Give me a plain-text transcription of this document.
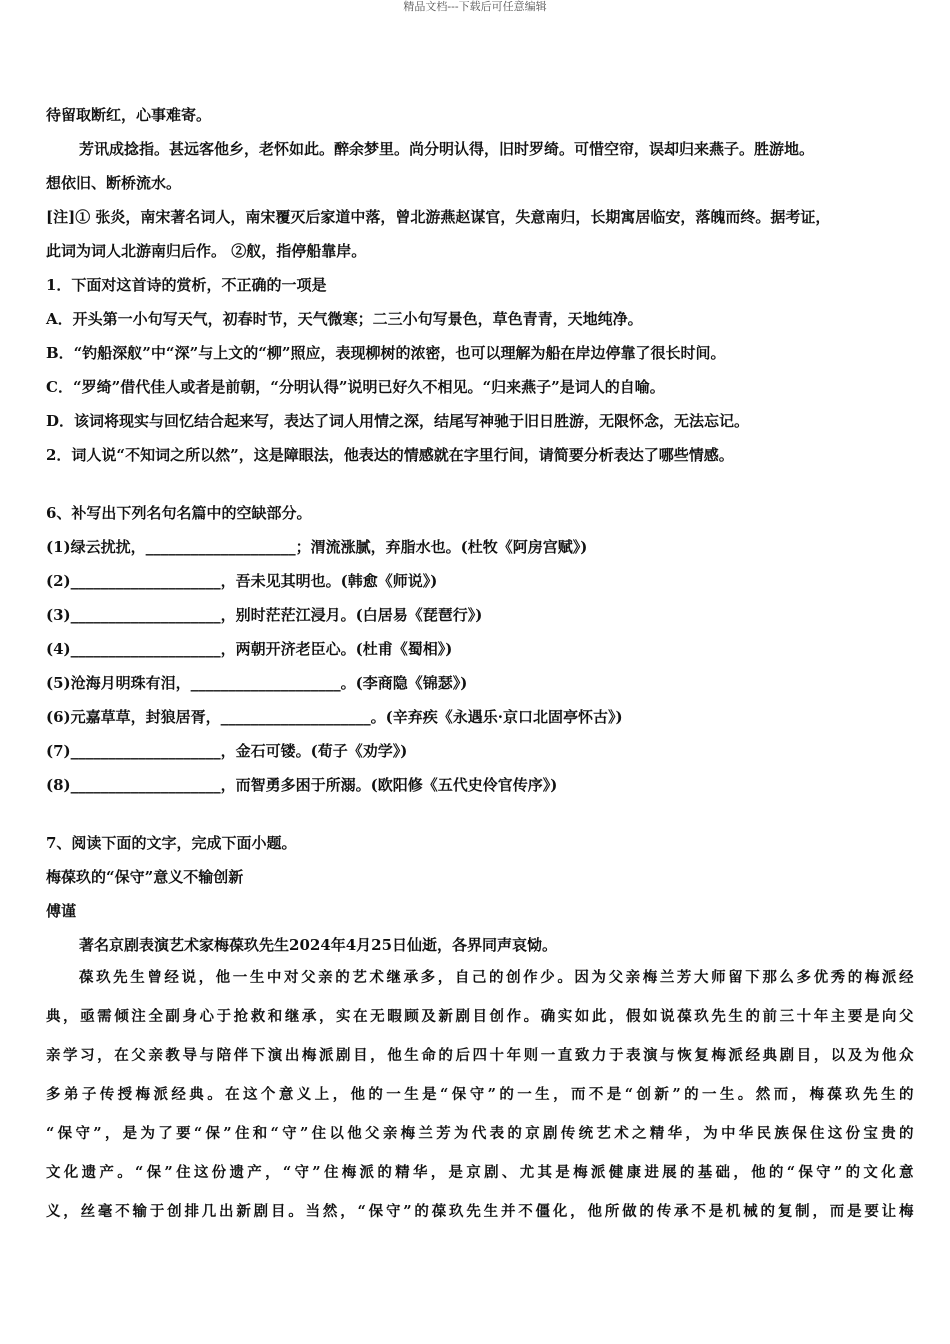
精品文档---下载后可任意编辑
待留取断红，心事难寄。
芳讯成捻指。甚远客他乡，老怀如此。醉余梦里。尚分明认得，旧时罗绮。可惜空帘，误却归来燕子。胜游地。
想依旧、断桥流水。
[注]① 张炎，南宋著名词人，南宋覆灭后家道中落，曾北游燕赵谋官，失意南归，长期寓居临安，落魄而终。据考证，
此词为词人北游南归后作。 ②舣，指停船靠岸。
1．下面对这首诗的赏析，不正确的一项是
A．开头第一小句写天气，初春时节，天气微寒；二三小句写景色，草色青青，天地纯净。
B．“钓船深舣”中“深”与上文的“柳”照应，表现柳树的浓密，也可以理解为船在岸边停靠了很长时间。
C．“罗绮”借代佳人或者是前朝，“分明认得”说明已好久不相见。“归来燕子”是词人的自喻。
D．该词将现实与回忆结合起来写，表达了词人用情之深，结尾写神驰于旧日胜游，无限怀念，无法忘记。
2．词人说“不知词之所以然”，这是障眼法，他表达的情感就在字里行间，请简要分析表达了哪些情感。
6、补写出下列名句名篇中的空缺部分。
(1)绿云扰扰，____________________；渭流涨腻，弃脂水也。(杜牧《阿房宫赋》)
(2)____________________，吾未见其明也。(韩愈《师说》)
(3)____________________，别时茫茫江浸月。(白居易《琵琶行》)
(4)____________________，两朝开济老臣心。(杜甫《蜀相》)
(5)沧海月明珠有泪，____________________。(李商隐《锦瑟》)
(6)元嘉草草，封狼居胥，____________________。(辛弃疾《永遇乐·京口北固亭怀古》)
(7)____________________，金石可镂。(荀子《劝学》)
(8)____________________，而智勇多困于所溺。(欧阳修《五代史伶官传序》)
7、阅读下面的文字，完成下面小题。
梅葆玖的“保守”意义不输创新
傅谨
著名京剧表演艺术家梅葆玖先生2024年4月25日仙逝，各界同声哀恸。
葆玖先生曾经说，他一生中对父亲的艺术继承多，自己的创作少。因为父亲梅兰芳大师留下那么多优秀的梅派经
典，亟需倾注全副身心于抢救和继承，实在无暇顾及新剧目创作。确实如此，假如说葆玖先生的前三十年主要是向父
亲学习，在父亲教导与陪伴下演出梅派剧目，他生命的后四十年则一直致力于表演与恢复梅派经典剧目，以及为他众
多弟子传授梅派经典。在这个意义上，他的一生是“保守”的一生，而不是“创新”的一生。然而，梅葆玖先生的
“保守”，是为了要“保”住和“守”住以他父亲梅兰芳为代表的京剧传统艺术之精华，为中华民族保住这份宝贵的
文化遗产。“保”住这份遗产，“守”住梅派的精华，是京剧、尤其是梅派健康进展的基础，他的“保守”的文化意
义，丝毫不输于创排几出新剧目。当然，“保守”的葆玖先生并不僵化，他所做的传承不是机械的复制，而是要让梅
